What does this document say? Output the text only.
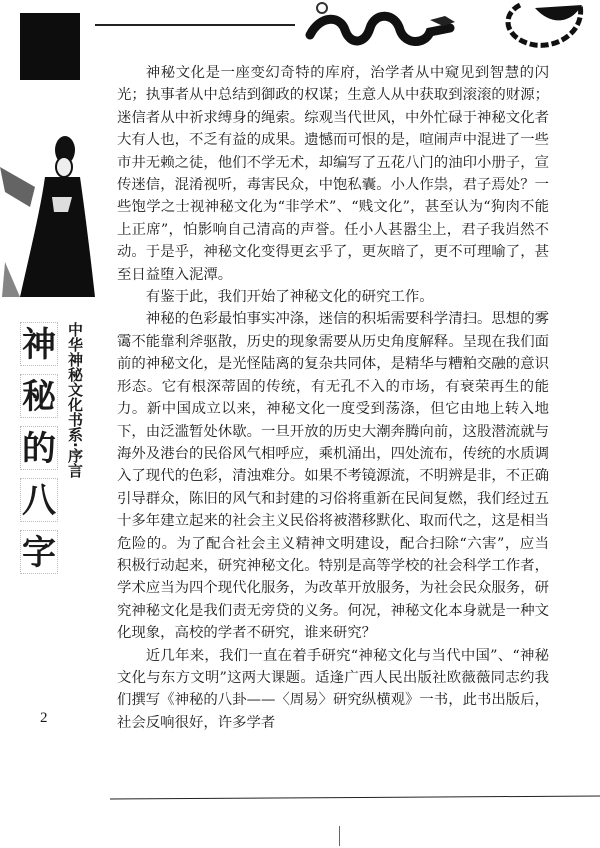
神
秘
的
八
字
中华神秘文化书系·序言
2

神秘文化是一座变幻奇特的库府，治学者从中窥见到智慧的闪光；执事者从中总结到御政的权谋；生意人从中获取到滚滚的财源；迷信者从中祈求缚身的绳索。综观当代世风，中外忙碌于神秘文化者大有人也，不乏有益的成果。遗憾而可恨的是，喧闹声中混进了一些市井无赖之徒，他们不学无术，却编写了五花八门的油印小册子，宣传迷信，混淆视听，毒害民众，中饱私囊。小人作祟，君子焉处？一些饱学之士视神秘文化为“非学术”、“贱文化”，甚至认为“狗肉不能上正席”，怕影响自己清高的声誉。任小人甚嚣尘上，君子我岿然不动。于是乎，神秘文化变得更玄乎了，更灰暗了，更不可理喻了，甚至日益堕入泥潭。

有鉴于此，我们开始了神秘文化的研究工作。

神秘的色彩最怕事实冲涤，迷信的积垢需要科学清扫。思想的雾霭不能靠利斧驱散，历史的现象需要从历史角度解释。呈现在我们面前的神秘文化，是光怪陆离的复杂共同体，是精华与糟粕交融的意识形态。它有根深蒂固的传统，有无孔不入的市场，有衰荣再生的能力。新中国成立以来，神秘文化一度受到荡涤，但它由地上转入地下，由泛滥暂处休歇。一旦开放的历史大潮奔腾向前，这股潜流就与海外及港台的民俗风气相呼应，乘机涌出，四处流布，传统的水质调入了现代的色彩，清浊难分。如果不考镜源流，不明辨是非，不正确引导群众，陈旧的风气和封建的习俗将重新在民间复燃，我们经过五十多年建立起来的社会主义民俗将被潜移默化、取而代之，这是相当危险的。为了配合社会主义精神文明建设，配合扫除“六害”，应当积极行动起来，研究神秘文化。特别是高等学校的社会科学工作者，学术应当为四个现代化服务，为改革开放服务，为社会民众服务，研究神秘文化是我们责无旁贷的义务。何况，神秘文化本身就是一种文化现象，高校的学者不研究，谁来研究？

近几年来，我们一直在着手研究“神秘文化与当代中国”、“神秘文化与东方文明”这两大课题。适逢广西人民出版社欧薇薇同志约我们撰写《神秘的八卦——〈周易〉研究纵横观》一书，此书出版后，社会反响很好，许多学者
